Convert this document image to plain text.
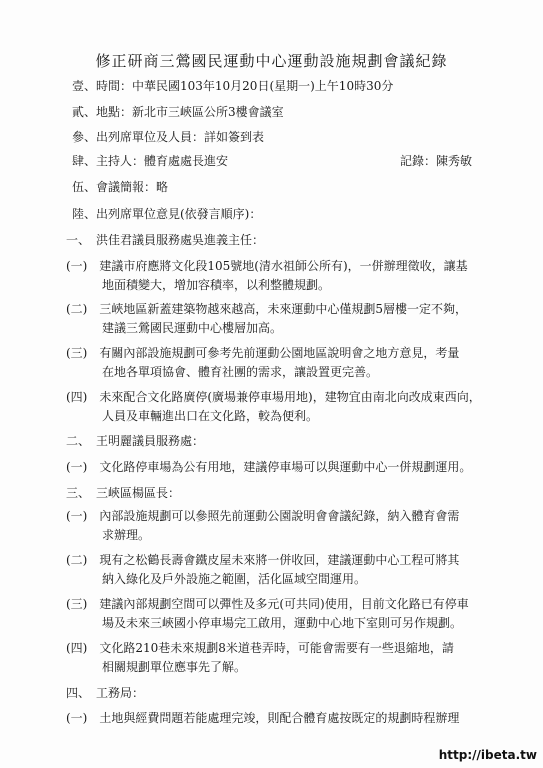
修正研商三鶯國民運動中心運動設施規劃會議紀錄
壹、時間：中華民國103年10月20日(星期一)上午10時30分
貳、地點：新北市三峽區公所3樓會議室
參、出列席單位及人員：詳如簽到表
肆、主持人：體育處處長進安
伍、會議簡報：略
陸、出列席單位意見(依發言順序)：
記錄：陳秀敏
一、　洪佳君議員服務處吳進義主任：
(一)　建議市府應將文化段105號地(清水祖師公所有)，一併辦理徵收，讓基
　　　地面積變大，增加容積率，以利整體規劃。
(二)　三峽地區新蓋建築物越來越高，未來運動中心僅規劃5層樓一定不夠，
　　　建議三鶯國民運動中心樓層加高。
(三)　有關內部設施規劃可參考先前運動公園地區說明會之地方意見，考量
　　　在地各單項協會、體育社團的需求，讓設置更完善。
(四)　未來配合文化路廣停(廣場兼停車場用地)，建物宜由南北向改成東西向，
　　　人員及車輛進出口在文化路，較為便利。
二、　王明麗議員服務處：
(一)　文化路停車場為公有用地，建議停車場可以與運動中心一併規劃運用。
三、　三峽區楊區長：
(一)　內部設施規劃可以參照先前運動公園說明會會議紀錄，納入體育會需
　　　求辦理。
(二)　現有之松鶴長壽會鐵皮屋未來將一併收回，建議運動中心工程可將其
　　　納入綠化及戶外設施之範圍，活化區域空間運用。
(三)　建議內部規劃空間可以彈性及多元(可共同)使用，目前文化路已有停車
　　　場及未來三峽國小停車場完工啟用，運動中心地下室則可另作規劃。
(四)　文化路210巷未來規劃8米道巷弄時，可能會需要有一些退縮地，請
　　　相關規劃單位應事先了解。
四、　工務局：
(一)　土地與經費問題若能處理完竣，則配合體育處按既定的規劃時程辦理
http://ibeta.tw
